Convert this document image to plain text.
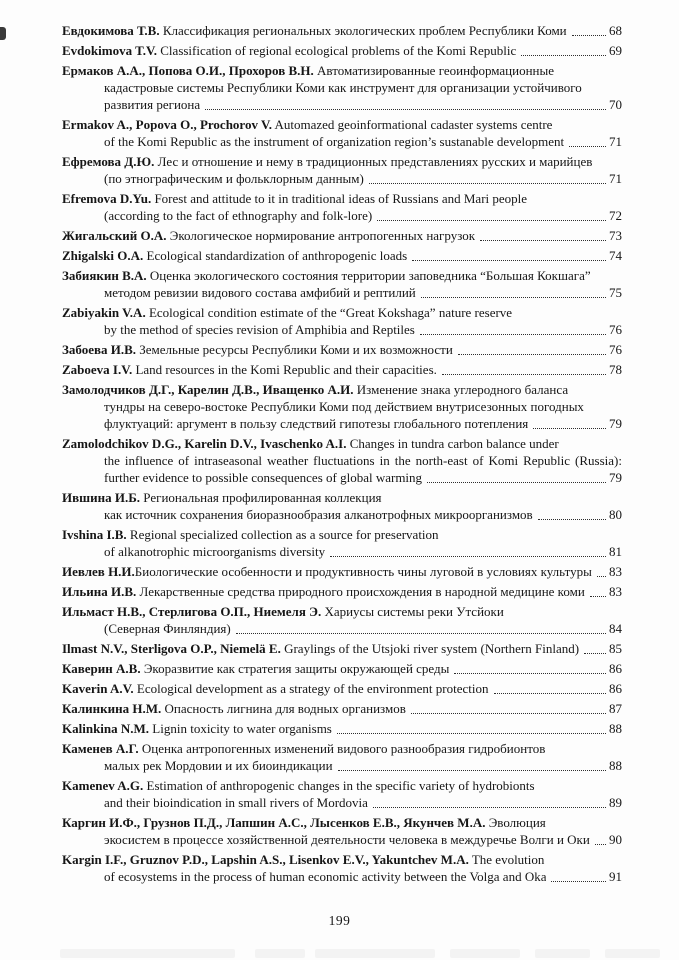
Евдокимова Т.В. Классификация региональных экологических проблем Республики Коми	68
Evdokimova T.V. Classification of regional ecological problems of the Komi Republic	69
Ермаков А.А., Попова О.И., Прохоров В.Н. Автоматизированные геоинформационные
кадастровые системы Республики Коми как инструмент для организации устойчивого
развития региона	70
Ermakov A., Popova O., Prochorov V. Automazed geoinformational cadaster systems centre
of the Komi Republic as the instrument of organization region’s sustanable development	71
Ефремова Д.Ю. Лес и отношение и нему в традиционных представлениях русских и марийцев
(по этнографическим и фольклорным данным)	71
Efremova D.Yu. Forest and attitude to it in traditional ideas of Russians and Mari people
(according to the fact of ethnography and folk-lore)	72
Жигальский О.А. Экологическое нормирование антропогенных нагрузок	73
Zhigalski O.A. Ecological standardization of anthropogenic loads	74
Забиякин В.А. Оценка экологического состояния территории заповедника “Большая Кокшага”
методом ревизии видового состава амфибий и рептилий	75
Zabiyakin V.A. Ecological condition estimate of the “Great Kokshaga” nature reserve
by the method of species revision of Amphibia and Reptiles	76
Забоева И.В. Земельные ресурсы Республики Коми и их возможности	76
Zaboeva I.V. Land resources in the Komi Republic and their capacities.	78
Замолодчиков Д.Г., Карелин Д.В., Иващенко А.И. Изменение знака углеродного баланса
тундры на северо-востоке Республики Коми под действием внутрисезонных погодных
флуктуаций: аргумент в пользу следствий гипотезы глобального потепления	79
Zamolodchikov D.G., Karelin D.V., Ivaschenko A.I. Changes in tundra carbon balance under
the influence of intraseasonal weather fluctuations in the north-east of Komi Republic (Russia):
further evidence to possible consequences of global warming	79
Ившина И.Б. Региональная профилированная коллекция
как источник сохранения биоразнообразия алканотрофных микроорганизмов	80
Ivshina I.B. Regional specialized collection as a source for preservation
of alkanotrophic microorganisms diversity	81
Иевлев Н.И.Биологические особенности и продуктивность чины луговой в условиях культуры 83
Ильина И.В. Лекарственные средства природного происхождения в народной медицине коми 83
Ильмаст Н.В., Стерлигова О.П., Ниемеля Э. Хариусы системы реки Утсйоки
(Северная Финляндия)	84
Ilmast N.V., Sterligova O.P., Niemelä E. Graylings of the Utsjoki river system (Northern Finland) 85
Каверин А.В. Экоразвитие как стратегия защиты окружающей среды	86
Kaverin A.V. Ecological development as a strategy of the environment protection	86
Калинкина Н.М. Опасность лигнина для водных организмов	87
Kalinkina N.M. Lignin toxicity to water organisms	88
Каменев А.Г. Оценка антропогенных изменений видового разнообразия гидробионтов
малых рек Мордовии и их биоиндикации	88
Kamenev A.G. Estimation of anthropogenic changes in the specific variety of hydrobionts
and their bioindication in small rivers of Mordovia	89
Каргин И.Ф., Грузнов П.Д., Лапшин А.С., Лысенков Е.В., Якунчев М.А. Эволюция
экосистем в процессе хозяйственной деятельности человека в междуречье Волги и Оки 90
Kargin I.F., Gruznov P.D., Lapshin A.S., Lisenkov E.V., Yakuntchev M.A. The evolution
of ecosystems in the process of human economic activity between the Volga and Oka	91
199
